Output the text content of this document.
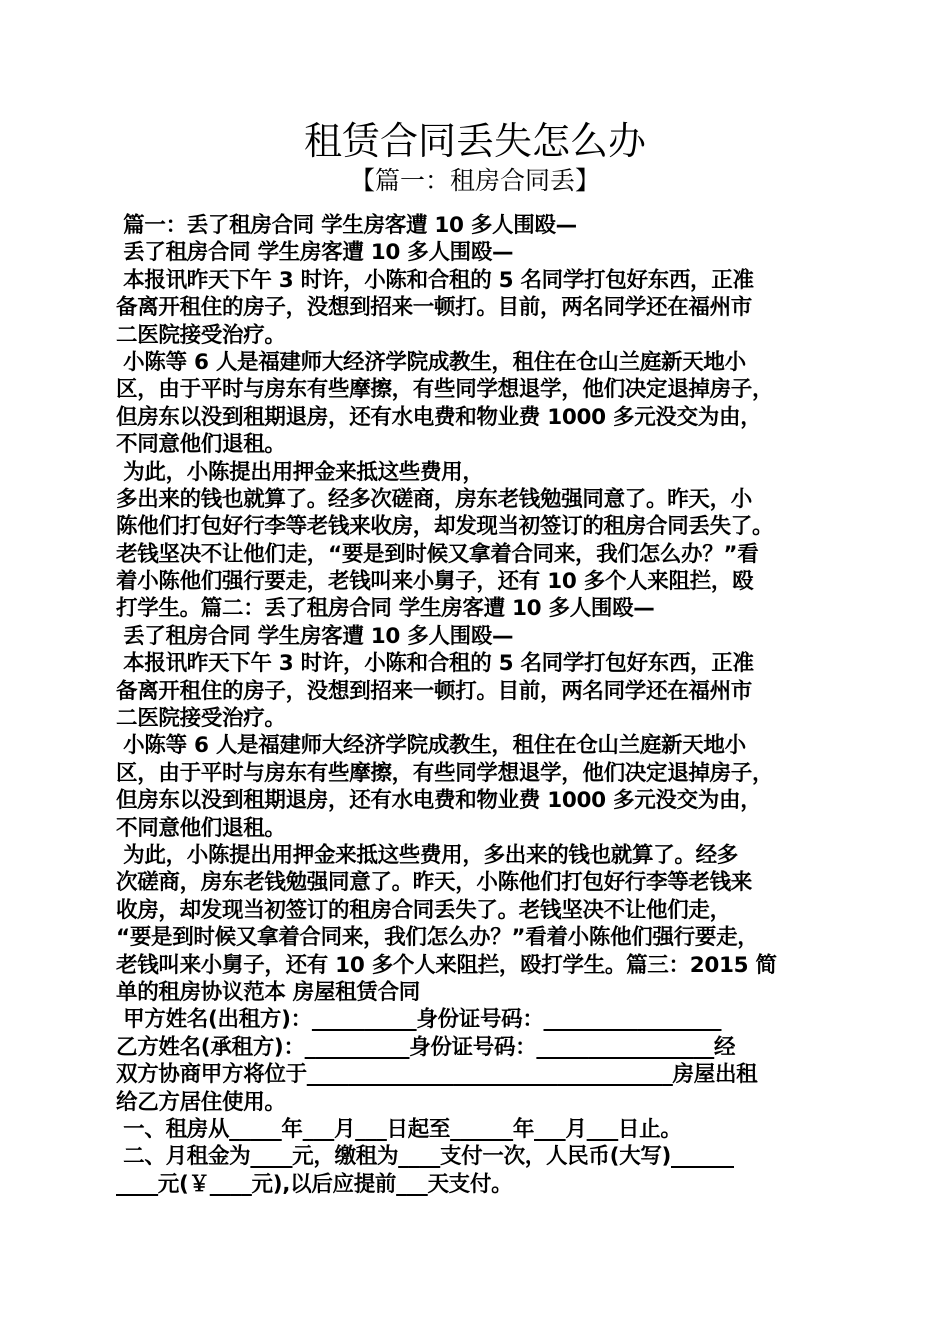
租赁合同丢失怎么办
【篇一：租房合同丢】
篇一：丢了租房合同 学生房客遭 10 多人围殴—
丢了租房合同 学生房客遭 10 多人围殴—
本报讯昨天下午 3 时许，小陈和合租的 5 名同学打包好东西，正准
备离开租住的房子，没想到招来一顿打。目前，两名同学还在福州市
二医院接受治疗。
小陈等 6 人是福建师大经济学院成教生，租住在仓山兰庭新天地小
区，由于平时与房东有些摩擦，有些同学想退学，他们决定退掉房子，
但房东以没到租期退房，还有水电费和物业费 1000 多元没交为由，
不同意他们退租。
为此，小陈提出用押金来抵这些费用，
多出来的钱也就算了。经多次磋商，房东老钱勉强同意了。昨天，小
陈他们打包好行李等老钱来收房，却发现当初签订的租房合同丢失了。
老钱坚决不让他们走，“要是到时候又拿着合同来，我们怎么办？”看
着小陈他们强行要走，老钱叫来小舅子，还有 10 多个人来阻拦，殴
打学生。篇二：丢了租房合同 学生房客遭 10 多人围殴—
丢了租房合同 学生房客遭 10 多人围殴—
本报讯昨天下午 3 时许，小陈和合租的 5 名同学打包好东西，正准
备离开租住的房子，没想到招来一顿打。目前，两名同学还在福州市
二医院接受治疗。
小陈等 6 人是福建师大经济学院成教生，租住在仓山兰庭新天地小
区，由于平时与房东有些摩擦，有些同学想退学，他们决定退掉房子，
但房东以没到租期退房，还有水电费和物业费 1000 多元没交为由，
不同意他们退租。
为此，小陈提出用押金来抵这些费用，多出来的钱也就算了。经多
次磋商，房东老钱勉强同意了。昨天，小陈他们打包好行李等老钱来
收房，却发现当初签订的租房合同丢失了。老钱坚决不让他们走，
“要是到时候又拿着合同来，我们怎么办？”看着小陈他们强行要走，
老钱叫来小舅子，还有 10 多个人来阻拦，殴打学生。篇三：2015 简
单的租房协议范本 房屋租赁合同
甲方姓名(出租方)：__________身份证号码：_________________
乙方姓名(承租方)：__________身份证号码：_________________经
双方协商甲方将位于___________________________________房屋出租
给乙方居住使用。
一、租房从_____年___月___日起至______年___月___日止。
二、月租金为____元，缴租为____支付一次，人民币(大写)______
____元(￥____元),以后应提前___天支付。
